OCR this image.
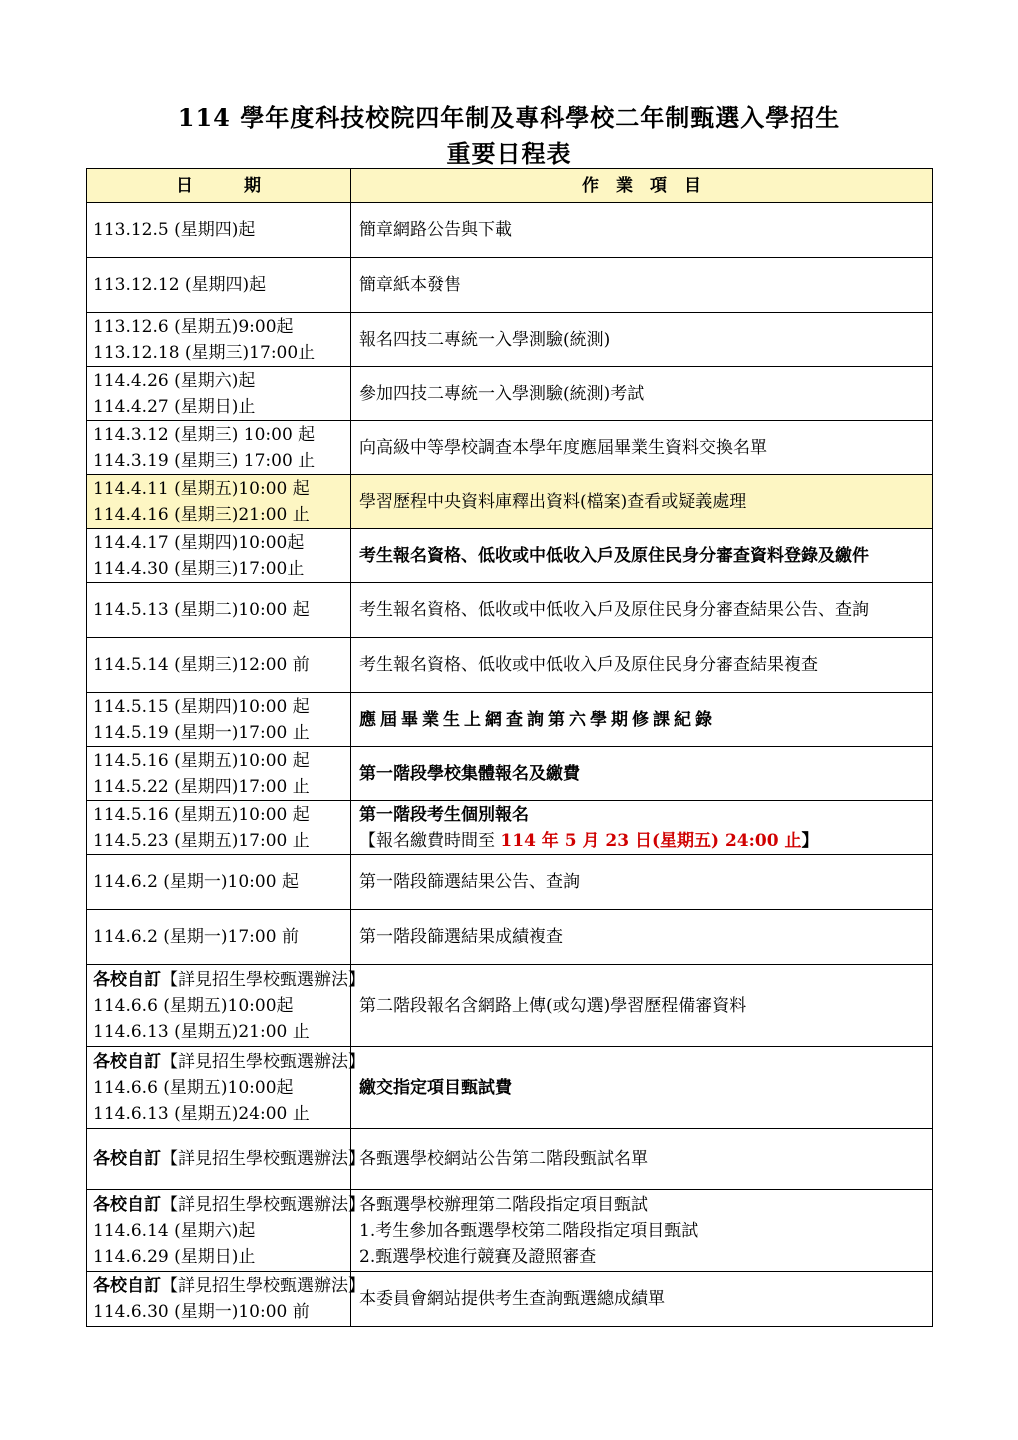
114 學年度科技校院四年制及專科學校二年制甄選入學招生
重要日程表
日　　　期	作　業　項　目

113.12.5 (星期四)起	簡章網路公告與下載

113.12.12 (星期四)起	簡章紙本發售

113.12.6 (星期五)9:00起
113.12.18 (星期三)17:00止	報名四技二專統一入學測驗(統測)

114.4.26 (星期六)起
114.4.27 (星期日)止	參加四技二專統一入學測驗(統測)考試

114.3.12 (星期三) 10:00 起
114.3.19 (星期三) 17:00 止	向高級中等學校調查本學年度應屆畢業生資料交換名單

114.4.11 (星期五)10:00 起
114.4.16 (星期三)21:00 止	學習歷程中央資料庫釋出資料(檔案)查看或疑義處理

114.4.17 (星期四)10:00起
114.4.30 (星期三)17:00止	考生報名資格、低收或中低收入戶及原住民身分審查資料登錄及繳件

114.5.13 (星期二)10:00 起	考生報名資格、低收或中低收入戶及原住民身分審查結果公告、查詢

114.5.14 (星期三)12:00 前	考生報名資格、低收或中低收入戶及原住民身分審查結果複查

114.5.15 (星期四)10:00 起
114.5.19 (星期一)17:00 止	應屆畢業生上網查詢第六學期修課紀錄

114.5.16 (星期五)10:00 起
114.5.22 (星期四)17:00 止	第一階段學校集體報名及繳費

114.5.16 (星期五)10:00 起
114.5.23 (星期五)17:00 止	第一階段考生個別報名
【報名繳費時間至 114 年 5 月 23 日(星期五) 24:00 止】

114.6.2 (星期一)10:00 起	第一階段篩選結果公告、查詢

114.6.2 (星期一)17:00 前	第一階段篩選結果成績複查

各校自訂【詳見招生學校甄選辦法】
114.6.6 (星期五)10:00起
114.6.13 (星期五)21:00 止	第二階段報名含網路上傳(或勾選)學習歷程備審資料

各校自訂【詳見招生學校甄選辦法】
114.6.6 (星期五)10:00起
114.6.13 (星期五)24:00 止	繳交指定項目甄試費

各校自訂【詳見招生學校甄選辦法】	各甄選學校網站公告第二階段甄試名單

各校自訂【詳見招生學校甄選辦法】
114.6.14 (星期六)起
114.6.29 (星期日)止	各甄選學校辦理第二階段指定項目甄試
1.考生參加各甄選學校第二階段指定項目甄試
2.甄選學校進行競賽及證照審查

各校自訂【詳見招生學校甄選辦法】
114.6.30 (星期一)10:00 前	本委員會網站提供考生查詢甄選總成績單
